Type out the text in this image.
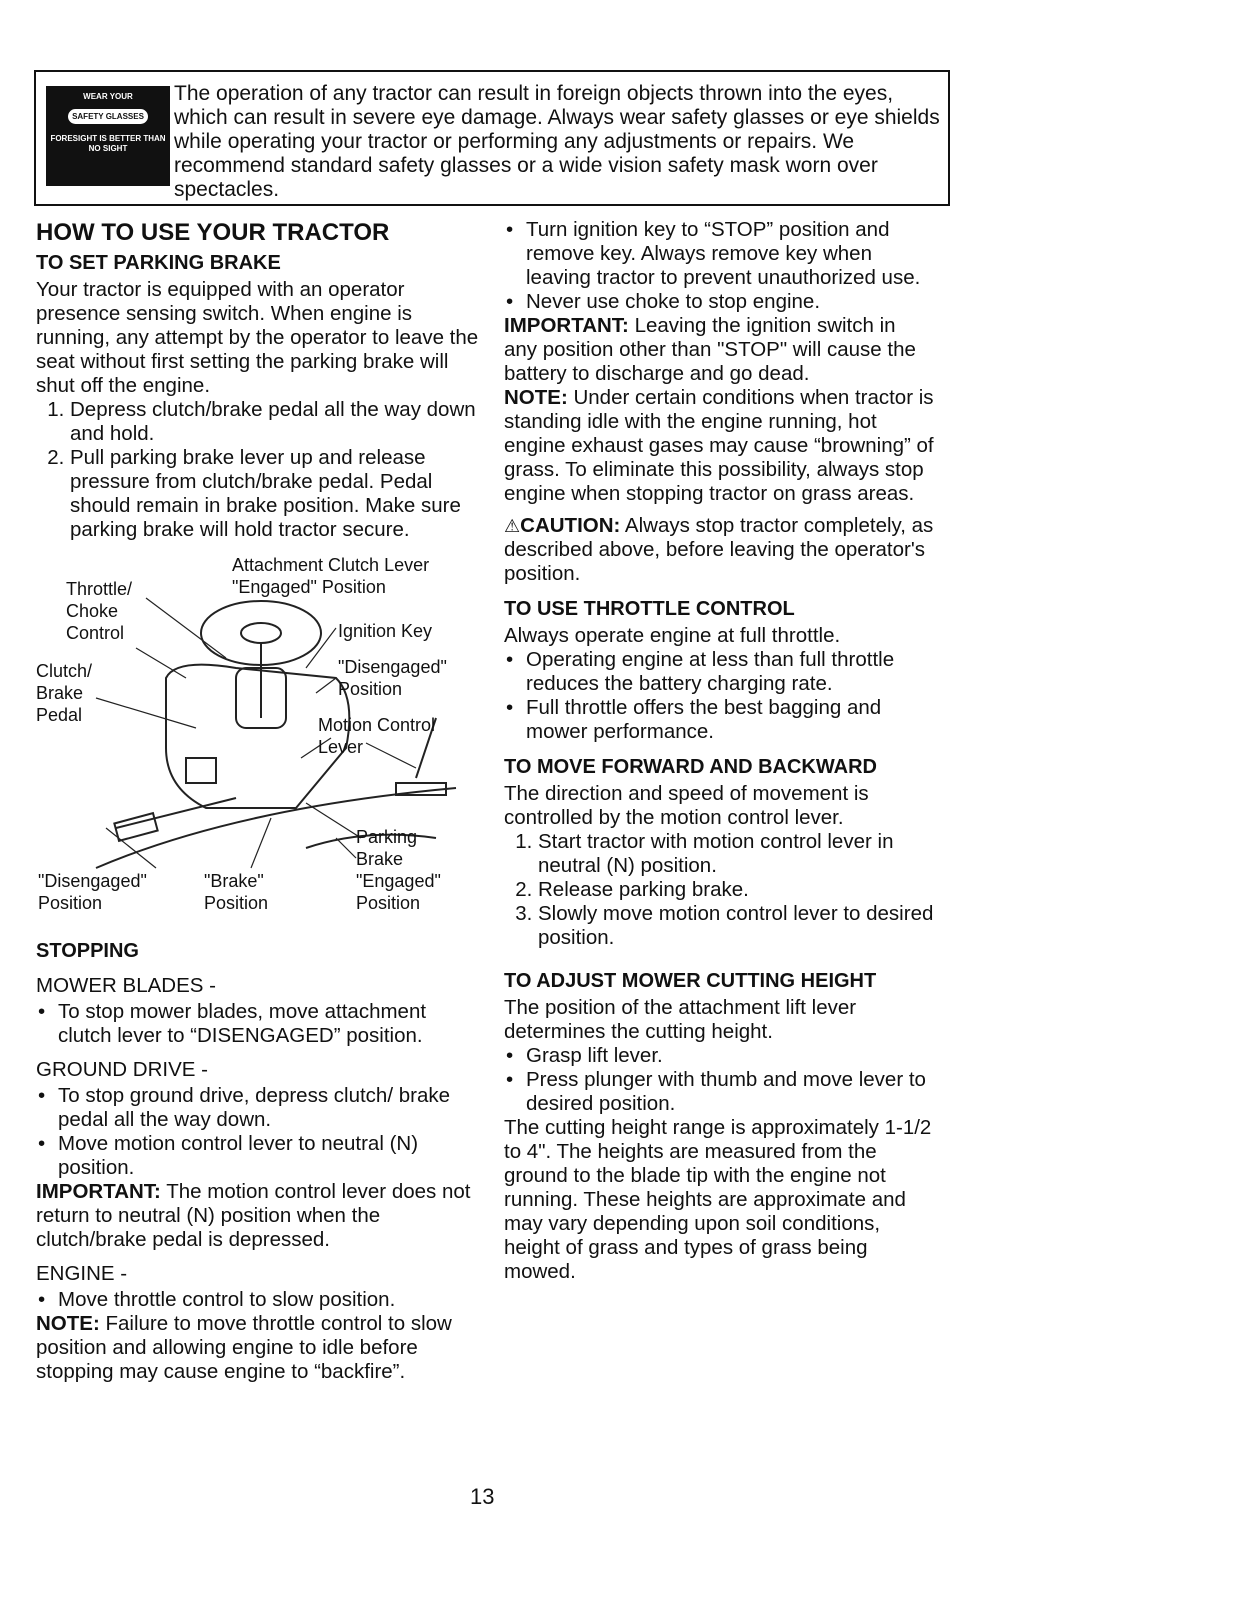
WEAR YOUR
SAFETY GLASSES
FORESIGHT IS BETTER THAN NO SIGHT

The operation of any tractor can result in foreign objects thrown into the eyes, which can result in severe eye damage. Always wear safety glasses or eye shields while operating your tractor or performing any adjustments or repairs. We recommend standard safety glasses or a wide vision safety mask worn over spectacles.

HOW TO USE YOUR TRACTOR
TO SET PARKING BRAKE

Your tractor is equipped with an operator presence sensing switch. When engine is running, any attempt by the operator to leave the seat without first setting the parking brake will shut off the engine.

1. Depress clutch/brake pedal all the way down and hold.
2. Pull parking brake lever up and release pressure from clutch/brake pedal. Pedal should remain in brake position. Make sure parking brake will hold tractor secure.
Attachment Clutch Lever
"Engaged" Position
Throttle/
Choke
Control	Ignition Key
"Disengaged"
Position
Clutch/
Brake
Pedal	Motion Control
Lever
Parking
Brake
"Engaged"
Position
"Disengaged"
Position
"Brake"
Position
STOPPING

MOWER BLADES -

• To stop mower blades, move attachment clutch lever to “DISENGAGED” position.

GROUND DRIVE -

• To stop ground drive, depress clutch/ brake pedal all the way down.
• Move motion control lever to neutral (N) position.

IMPORTANT: The motion control lever does not return to neutral (N) position when the clutch/brake pedal is depressed.

ENGINE -

• Move throttle control to slow position.

NOTE: Failure to move throttle control to slow position and allowing engine to idle before stopping may cause engine to “backfire”.

• Turn ignition key to “STOP” position and remove key. Always remove key when leaving tractor to prevent unauthorized use.
• Never use choke to stop engine.

IMPORTANT: Leaving the ignition switch in any position other than "STOP" will cause the battery to discharge and go dead.

NOTE: Under certain conditions when tractor is standing idle with the engine running, hot engine exhaust gases may cause “browning” of grass. To eliminate this possibility, always stop engine when stopping tractor on grass areas.

⚠CAUTION: Always stop tractor completely, as described above, before leaving the operator's position.

TO USE THROTTLE CONTROL

Always operate engine at full throttle.

• Operating engine at less than full throttle reduces the battery charging rate.
• Full throttle offers the best bagging and mower performance.
TO MOVE FORWARD AND BACKWARD

The direction and speed of movement is controlled by the motion control lever.

1. Start tractor with motion control lever in neutral (N) position.
2. Release parking brake.
3. Slowly move motion control lever to desired position.
TO ADJUST MOWER CUTTING HEIGHT

The position of the attachment lift lever determines the cutting height.

• Grasp lift lever.
• Press plunger with thumb and move lever to desired position.

The cutting height range is approximately 1-1/2 to 4". The heights are measured from the ground to the blade tip with the engine not running. These heights are approximate and may vary depending upon soil conditions, height of grass and types of grass being mowed.

13
